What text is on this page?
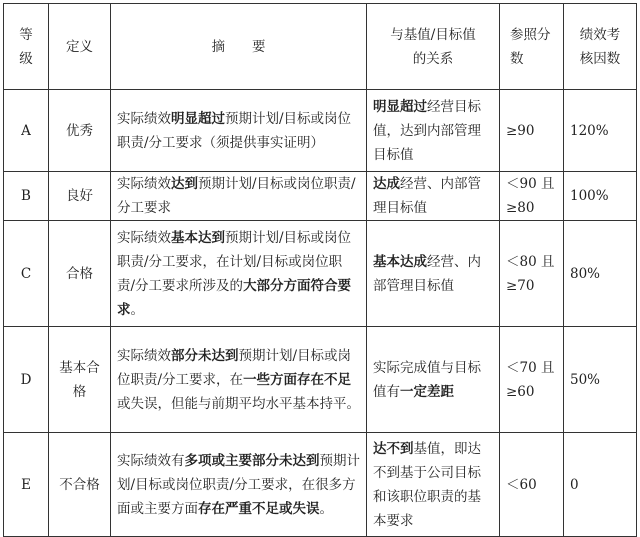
等级	定义	摘　　要	与基值/目标值的关系	参照分数	绩效考核因数
A	优秀	实际绩效明显超过预期计划/目标或岗位职责/分工要求（须提供事实证明）	明显超过经营目标值，达到内部管理目标值	≥90	120%
B	良好	实际绩效达到预期计划/目标或岗位职责/分工要求	达成经营、内部管理目标值	＜90 且≥80	100%
C	合格	实际绩效基本达到预期计划/目标或岗位职责/分工要求，在计划/目标或岗位职责/分工要求所涉及的大部分方面符合要求。	基本达成经营、内部管理目标值	＜80 且≥70	80%
D	基本合格	实际绩效部分未达到预期计划/目标或岗位职责/分工要求，在一些方面存在不足或失误，但能与前期平均水平基本持平。	实际完成值与目标值有一定差距	＜70 且≥60	50%
E	不合格	实际绩效有多项或主要部分未达到预期计划/目标或岗位职责/分工要求，在很多方面或主要方面存在严重不足或失误。	达不到基值，即达不到基于公司目标和该职位职责的基本要求	＜60	0
